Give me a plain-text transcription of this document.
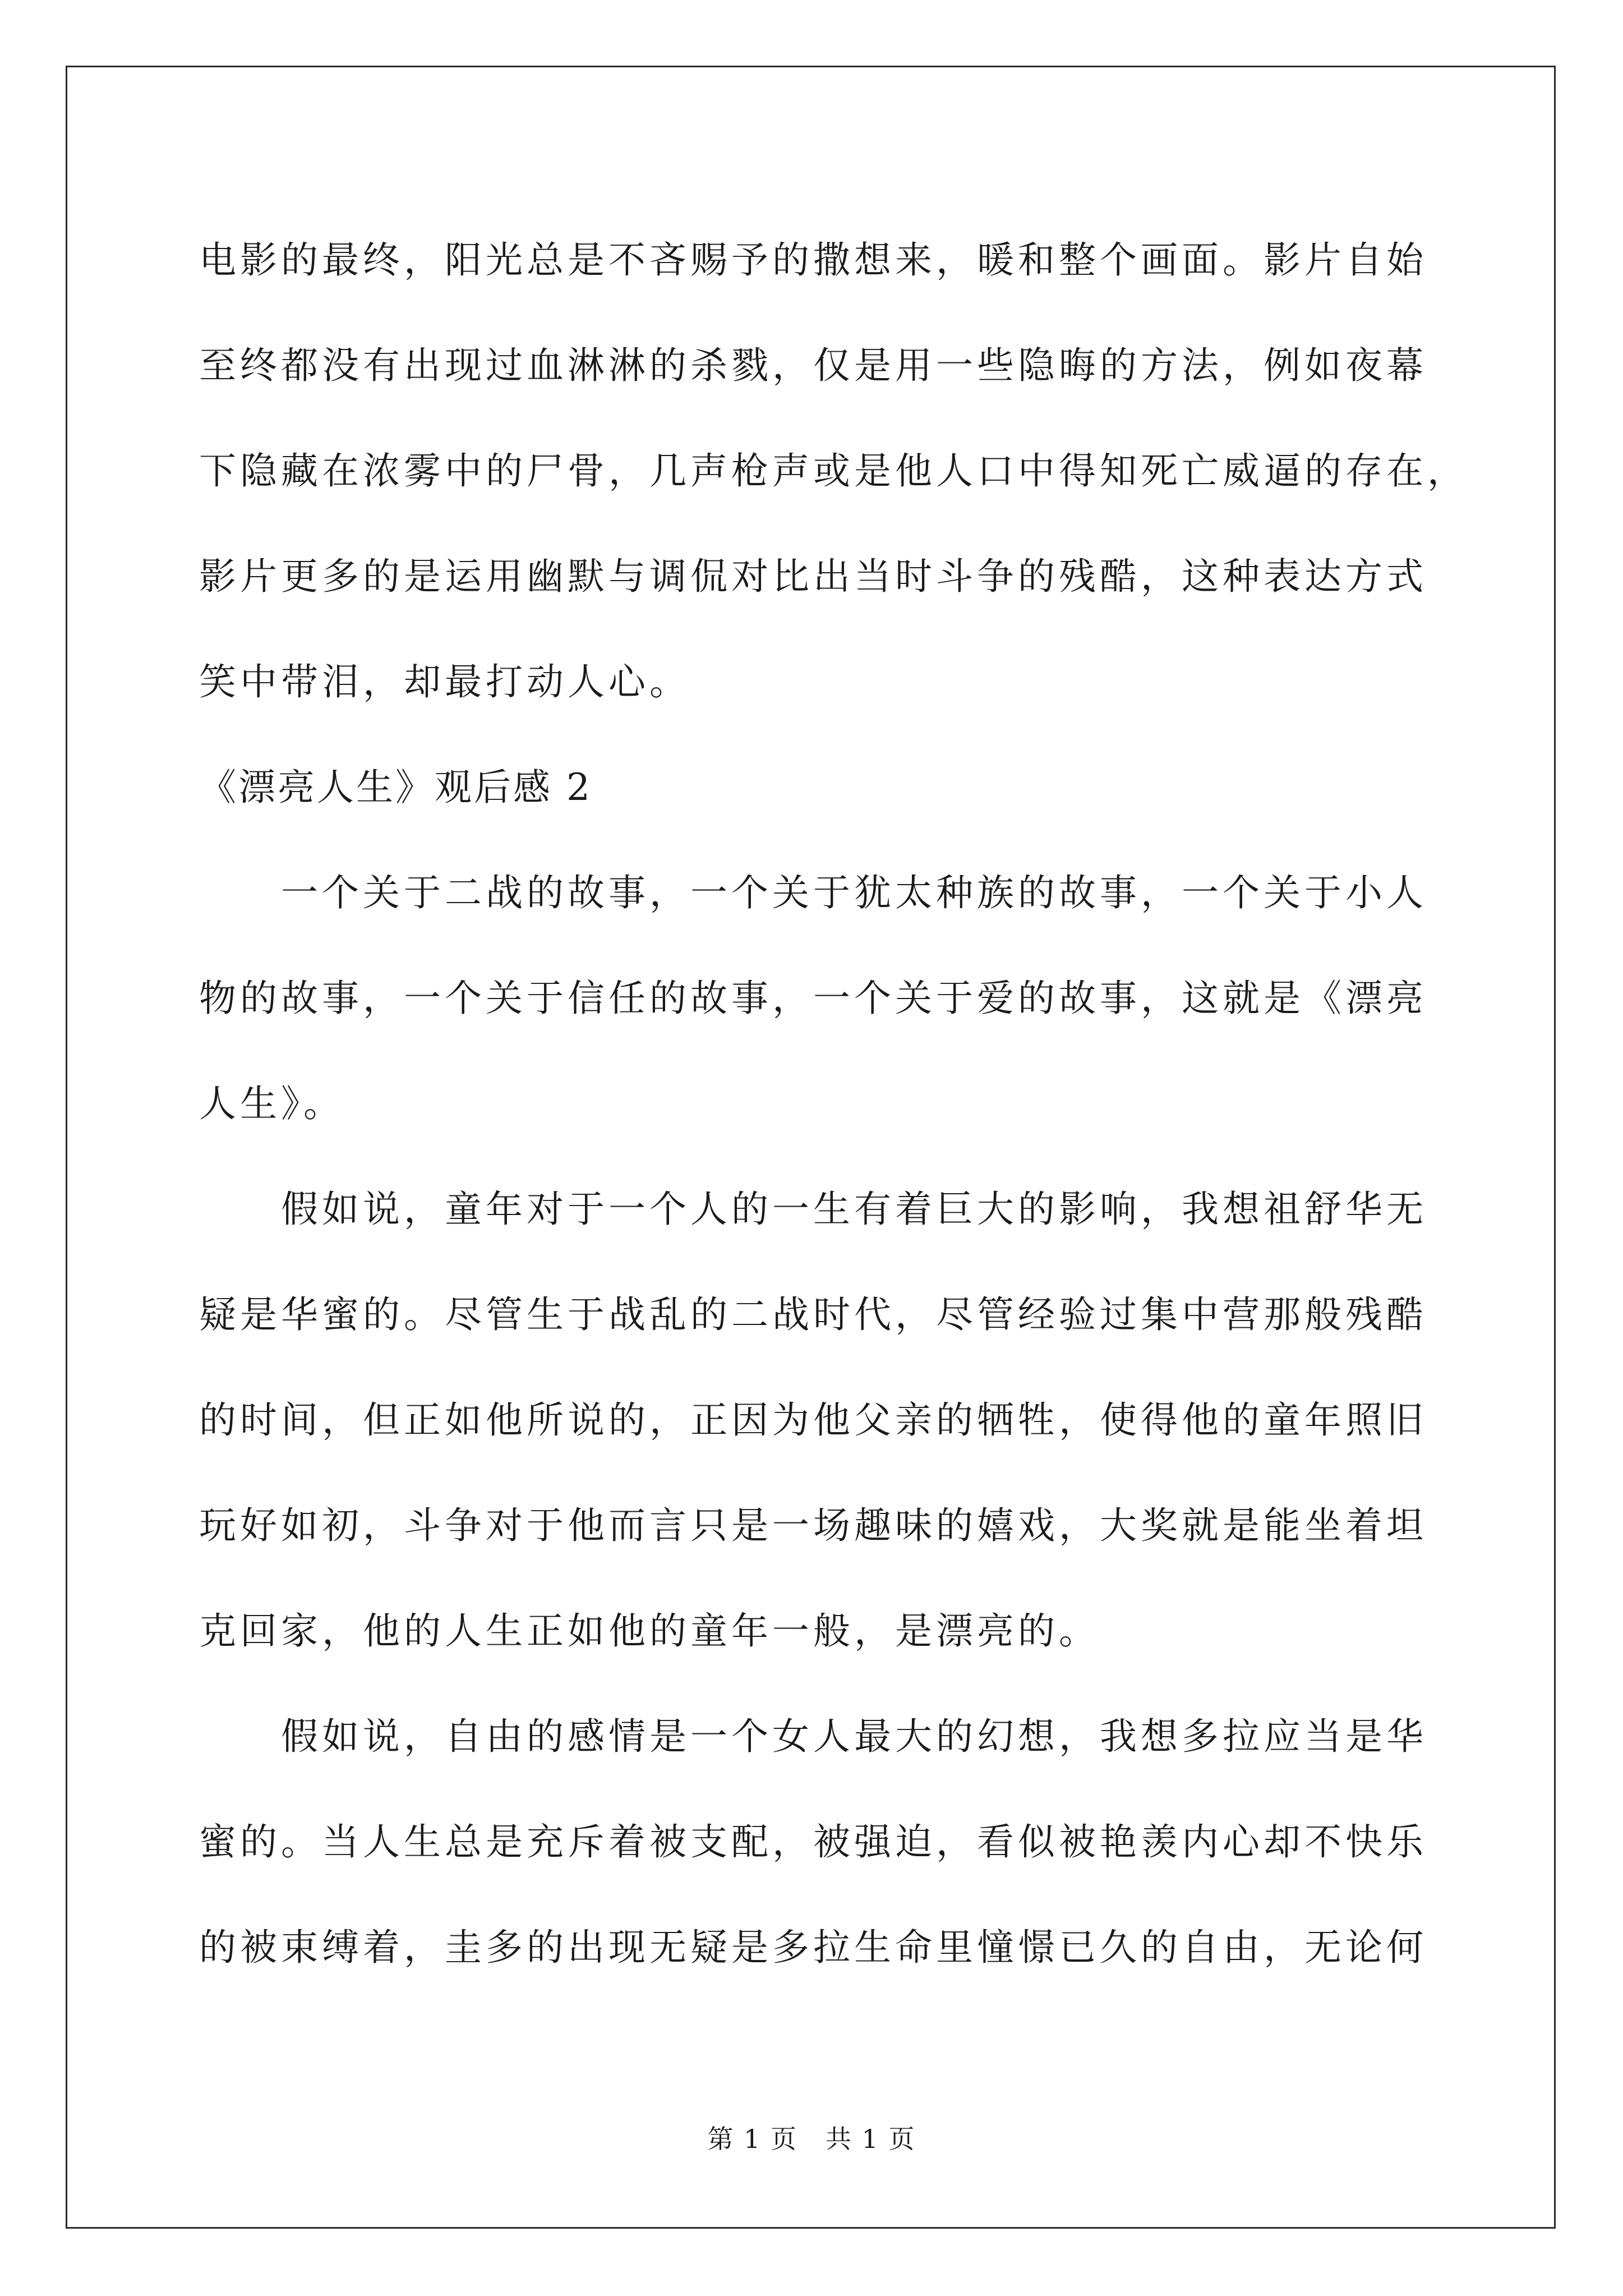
电影的最终，阳光总是不吝赐予的撒想来，暖和整个画面。影片自始
至终都没有出现过血淋淋的杀戮，仅是用一些隐晦的方法，例如夜幕
下隐藏在浓雾中的尸骨，几声枪声或是他人口中得知死亡威逼的存在，
影片更多的是运用幽默与调侃对比出当时斗争的残酷，这种表达方式
笑中带泪，却最打动人心。
《漂亮人生》观后感 2
一个关于二战的故事，一个关于犹太种族的故事，一个关于小人
物的故事，一个关于信任的故事，一个关于爱的故事，这就是《漂亮
人生》。
假如说，童年对于一个人的一生有着巨大的影响，我想祖舒华无
疑是华蜜的。尽管生于战乱的二战时代，尽管经验过集中营那般残酷
的时间，但正如他所说的，正因为他父亲的牺牲，使得他的童年照旧
玩好如初，斗争对于他而言只是一场趣味的嬉戏，大奖就是能坐着坦
克回家，他的人生正如他的童年一般，是漂亮的。
假如说，自由的感情是一个女人最大的幻想，我想多拉应当是华
蜜的。当人生总是充斥着被支配，被强迫，看似被艳羡内心却不快乐
的被束缚着，圭多的出现无疑是多拉生命里憧憬已久的自由，无论何
第 1 页 共 1 页
